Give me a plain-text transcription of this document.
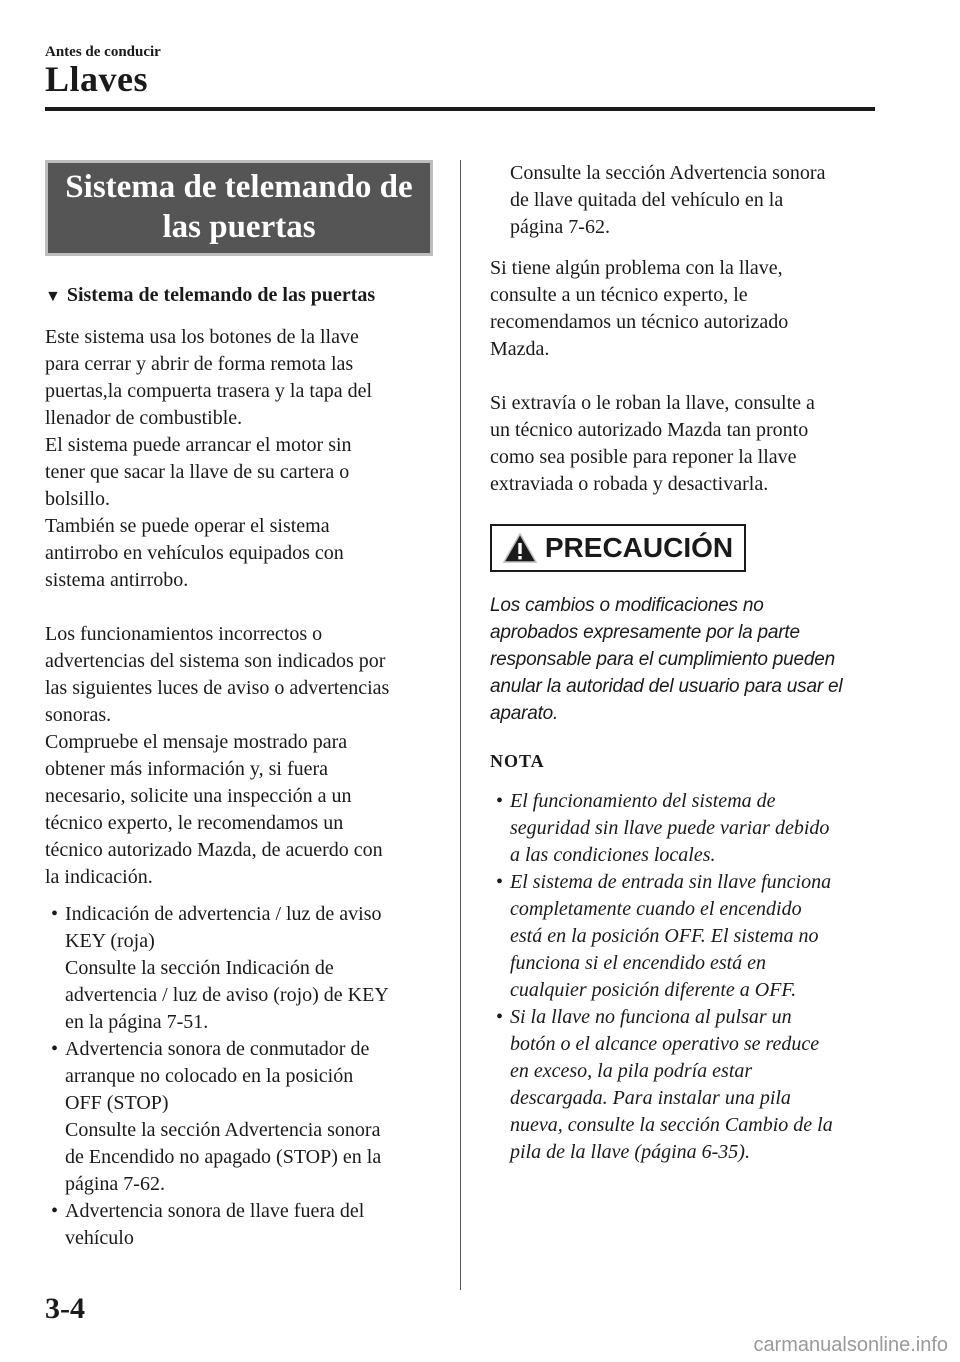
Antes de conducir
Llaves
Sistema de telemando de las puertas
▼ Sistema de telemando de las puertas

Este sistema usa los botones de la llave

para cerrar y abrir de forma remota las

puertas,la compuerta trasera y la tapa del

llenador de combustible.

El sistema puede arrancar el motor sin

tener que sacar la llave de su cartera o

bolsillo.

También se puede operar el sistema

antirrobo en vehículos equipados con

sistema antirrobo.

Los funcionamientos incorrectos o

advertencias del sistema son indicados por

las siguientes luces de aviso o advertencias

sonoras.

Compruebe el mensaje mostrado para

obtener más información y, si fuera

necesario, solicite una inspección a un

técnico experto, le recomendamos un

técnico autorizado Mazda, de acuerdo con

la indicación.

• Indicación de advertencia / luz de aviso
KEY (roja)
Consulte la sección Indicación de
advertencia / luz de aviso (rojo) de KEY
en la página 7-51.
• Advertencia sonora de conmutador de
arranque no colocado en la posición
OFF (STOP)
Consulte la sección Advertencia sonora
de Encendido no apagado (STOP) en la
página 7-62.
• Advertencia sonora de llave fuera del
vehículo

Consulte la sección Advertencia sonora

de llave quitada del vehículo en la

página 7-62.

Si tiene algún problema con la llave,

consulte a un técnico experto, le

recomendamos un técnico autorizado

Mazda.

Si extravía o le roban la llave, consulte a

un técnico autorizado Mazda tan pronto

como sea posible para reponer la llave

extraviada o robada y desactivarla.

PRECAUCIÓN
Los cambios o modificaciones no
aprobados expresamente por la parte
responsable para el cumplimiento pueden
anular la autoridad del usuario para usar el
aparato.
NOTA
• El funcionamiento del sistema de
seguridad sin llave puede variar debido
a las condiciones locales.
• El sistema de entrada sin llave funciona
completamente cuando el encendido
está en la posición OFF. El sistema no
funciona si el encendido está en
cualquier posición diferente a OFF.
• Si la llave no funciona al pulsar un
botón o el alcance operativo se reduce
en exceso, la pila podría estar
descargada. Para instalar una pila
nueva, consulte la sección Cambio de la
pila de la llave (página 6-35).
3-4
carmanualsonline.info
